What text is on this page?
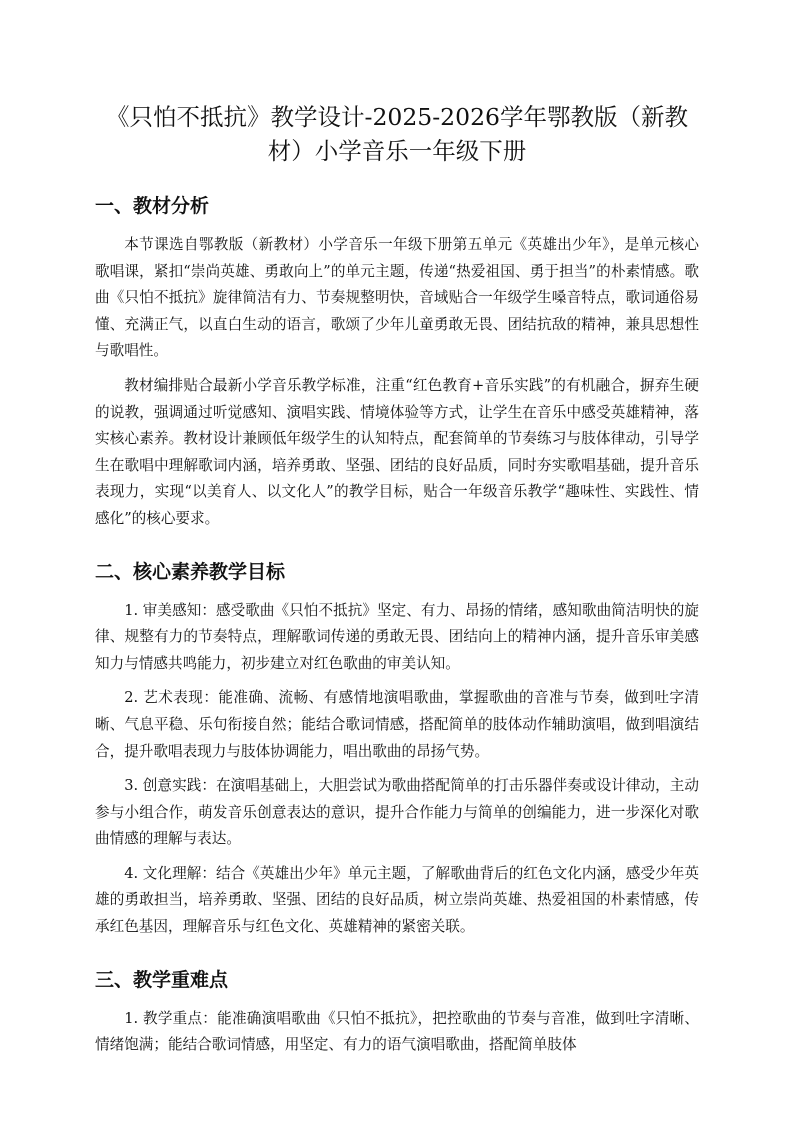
《只怕不抵抗》教学设计-2025-2026学年鄂教版（新教材）小学音乐一年级下册
一、教材分析

本节课选自鄂教版（新教材）小学音乐一年级下册第五单元《英雄出少年》，是单元核心歌唱课，紧扣“崇尚英雄、勇敢向上”的单元主题，传递“热爱祖国、勇于担当”的朴素情感。歌曲《只怕不抵抗》旋律简洁有力、节奏规整明快，音域贴合一年级学生嗓音特点，歌词通俗易懂、充满正气，以直白生动的语言，歌颂了少年儿童勇敢无畏、团结抗敌的精神，兼具思想性与歌唱性。

教材编排贴合最新小学音乐教学标准，注重“红色教育+音乐实践”的有机融合，摒弃生硬的说教，强调通过听觉感知、演唱实践、情境体验等方式，让学生在音乐中感受英雄精神，落实核心素养。教材设计兼顾低年级学生的认知特点，配套简单的节奏练习与肢体律动，引导学生在歌唱中理解歌词内涵，培养勇敢、坚强、团结的良好品质，同时夯实歌唱基础，提升音乐表现力，实现“以美育人、以文化人”的教学目标，贴合一年级音乐教学“趣味性、实践性、情感化”的核心要求。

二、核心素养教学目标

1. 审美感知：感受歌曲《只怕不抵抗》坚定、有力、昂扬的情绪，感知歌曲简洁明快的旋律、规整有力的节奏特点，理解歌词传递的勇敢无畏、团结向上的精神内涵，提升音乐审美感知力与情感共鸣能力，初步建立对红色歌曲的审美认知。

2. 艺术表现：能准确、流畅、有感情地演唱歌曲，掌握歌曲的音准与节奏，做到吐字清晰、气息平稳、乐句衔接自然；能结合歌词情感，搭配简单的肢体动作辅助演唱，做到唱演结合，提升歌唱表现力与肢体协调能力，唱出歌曲的昂扬气势。

3. 创意实践：在演唱基础上，大胆尝试为歌曲搭配简单的打击乐器伴奏或设计律动，主动参与小组合作，萌发音乐创意表达的意识，提升合作能力与简单的创编能力，进一步深化对歌曲情感的理解与表达。

4. 文化理解：结合《英雄出少年》单元主题，了解歌曲背后的红色文化内涵，感受少年英雄的勇敢担当，培养勇敢、坚强、团结的良好品质，树立崇尚英雄、热爱祖国的朴素情感，传承红色基因，理解音乐与红色文化、英雄精神的紧密关联。

三、教学重难点

1. 教学重点：能准确演唱歌曲《只怕不抵抗》，把控歌曲的节奏与音准，做到吐字清晰、情绪饱满；能结合歌词情感，用坚定、有力的语气演唱歌曲，搭配简单肢体
